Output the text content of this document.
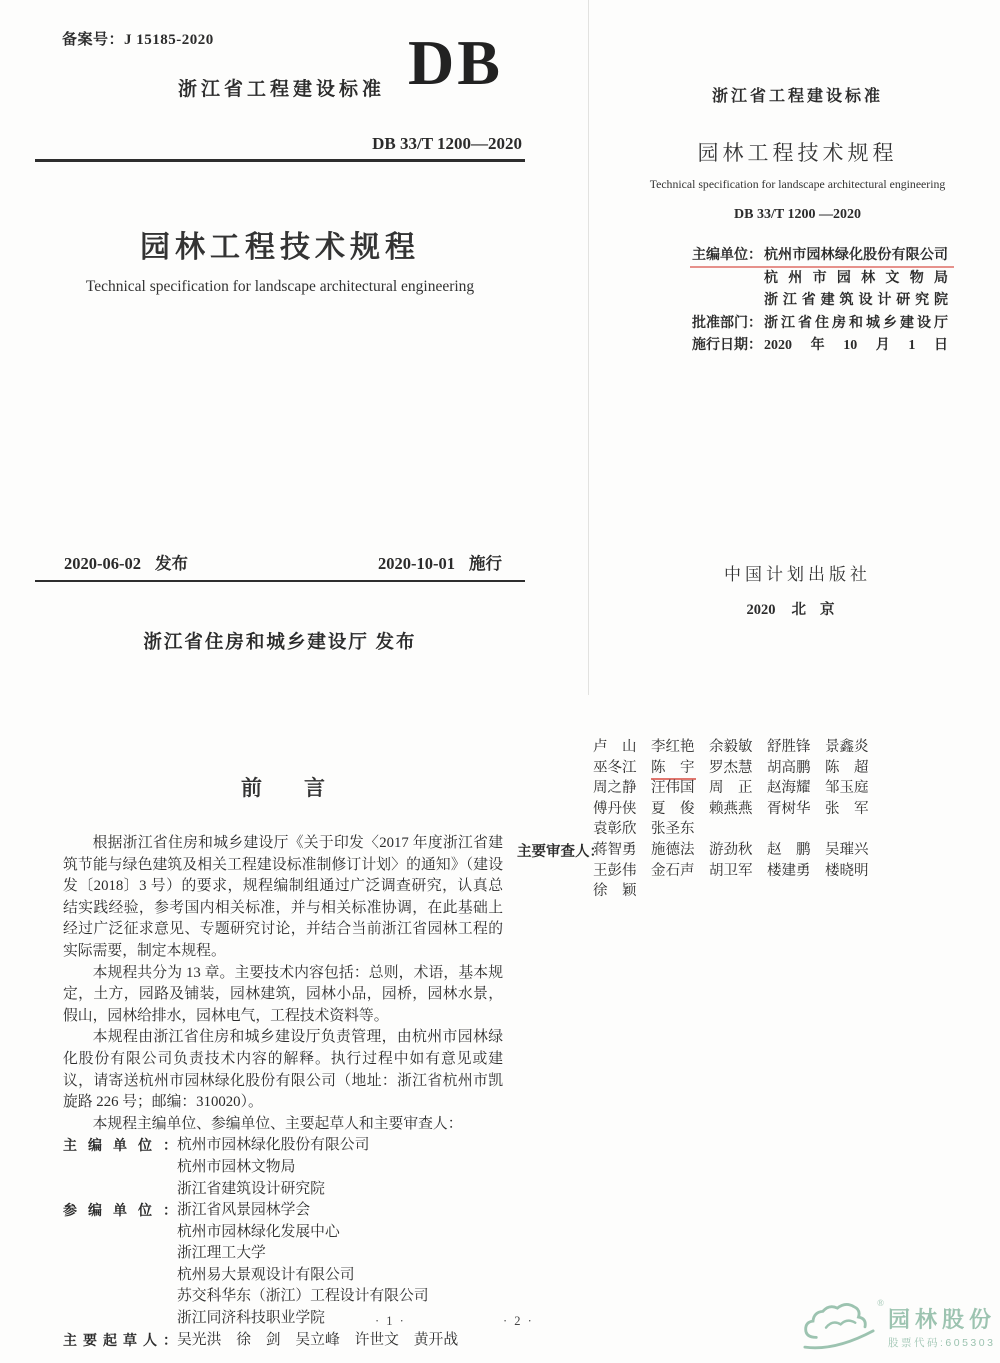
备案号：J 15185-2020
浙江省工程建设标准 DB
DB 33/T 1200—2020
园林工程技术规程
Technical specification for landscape architectural engineering
2020-06-02 发布	2020-10-01 施行
浙江省住房和城乡建设厅 发布
浙江省工程建设标准
园林工程技术规程
Technical specification for landscape architectural engineering
DB 33/T 1200 —2020
主编单位： 杭州市园林绿化股份有限公司
杭州市园林文物局
浙江省建筑设计研究院
批准部门： 浙江省住房和城乡建设厅
施行日期： 2020年10月1日
中国计划出版社
2020 北京
前　　言

根据浙江省住房和城乡建设厅《关于印发〈2017 年度浙江省建筑节能与绿色建筑及相关工程建设标准制修订计划〉的通知》（建设发〔2018〕3 号）的要求，规程编制组通过广泛调查研究，认真总结实践经验，参考国内相关标准，并与相关标准协调，在此基础上经过广泛征求意见、专题研究讨论，并结合当前浙江省园林工程的实际需要，制定本规程。

本规程共分为 13 章。主要技术内容包括：总则，术语，基本规定，土方，园路及铺装，园林建筑，园林小品，园桥，园林水景，假山，园林给排水，园林电气，工程技术资料等。

本规程由浙江省住房和城乡建设厅负责管理，由杭州市园林绿化股份有限公司负责技术内容的解释。执行过程中如有意见或建议，请寄送杭州市园林绿化股份有限公司（地址：浙江省杭州市凯旋路 226 号；邮编：310020）。

本规程主编单位、参编单位、主要起草人和主要审查人：

主编单位： 杭州市园林绿化股份有限公司
杭州市园林文物局
浙江省建筑设计研究院
参编单位： 浙江省风景园林学会
杭州市园林绿化发展中心
浙江理工大学
杭州易大景观设计有限公司
苏交科华东（浙江）工程设计有限公司
浙江同济科技职业学院
主要起草人： 吴光洪　徐　剑　吴立峰　许世文　黄开战
卢　山 李红艳 余毅敏 舒胜锋 景鑫炎
巫冬江 陈　宇 罗杰慧 胡高鹏 陈　超
周之静 汪伟国 周　正 赵海耀 邹玉庭
傅丹侠 夏　俊 赖燕燕 胥树华 张　军
袁彰欣 张圣东
主要审查人：
蒋智勇 施德法 游劲秋 赵　鹏 吴璀兴
王彭伟 金石声 胡卫军 楼建勇 楼晓明
徐　颖
· 1 ·	· 2 ·
®
园林股份
股票代码:605303
